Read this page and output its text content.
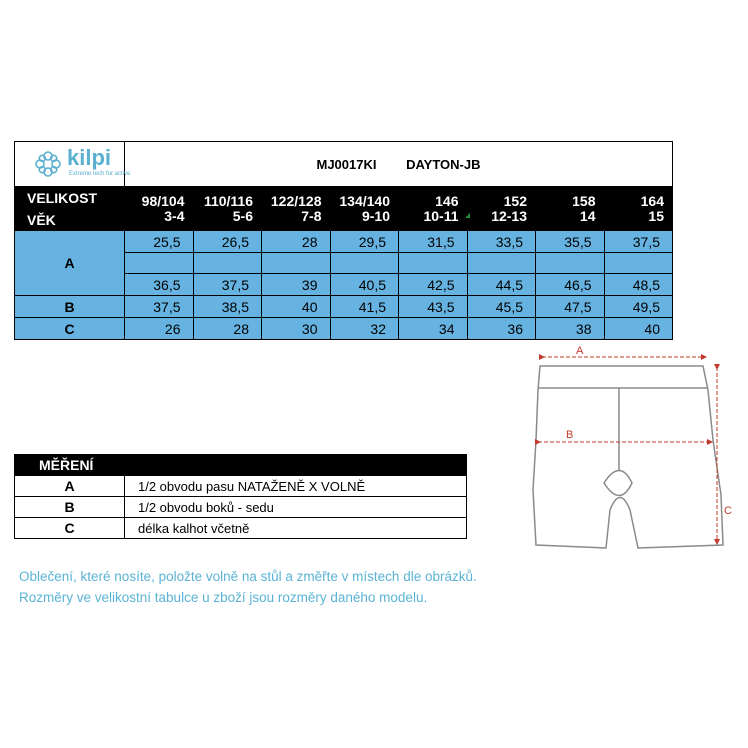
kilpi
Extreme tech for active	MJ0017KI DAYTON-JB							
VELIKOST	98/104	110/116	122/128	134/140	146	152	158	164
VĚK	3-4	5-6	7-8	9-10	10-11	12-13	14	15
A	25,5	26,5	28	29,5	31,5	33,5	35,5	37,5

	36,5	37,5	39	40,5	42,5	44,5	46,5	48,5
B	37,5	38,5	40	41,5	43,5	45,5	47,5	49,5
C	26	28	30	32	34	36	38	40
MĚŘENÍ	
A	1/2 obvodu pasu NATAŽENĚ X VOLNĚ
B	1/2 obvodu boků - sedu
C	délka kalhot včetně
Oblečení, které nosíte, položte volně na stůl a změřte v místech dle obrázků.
Rozměry ve velikostní tabulce u zboží jsou rozměry daného modelu.
A
B
C
